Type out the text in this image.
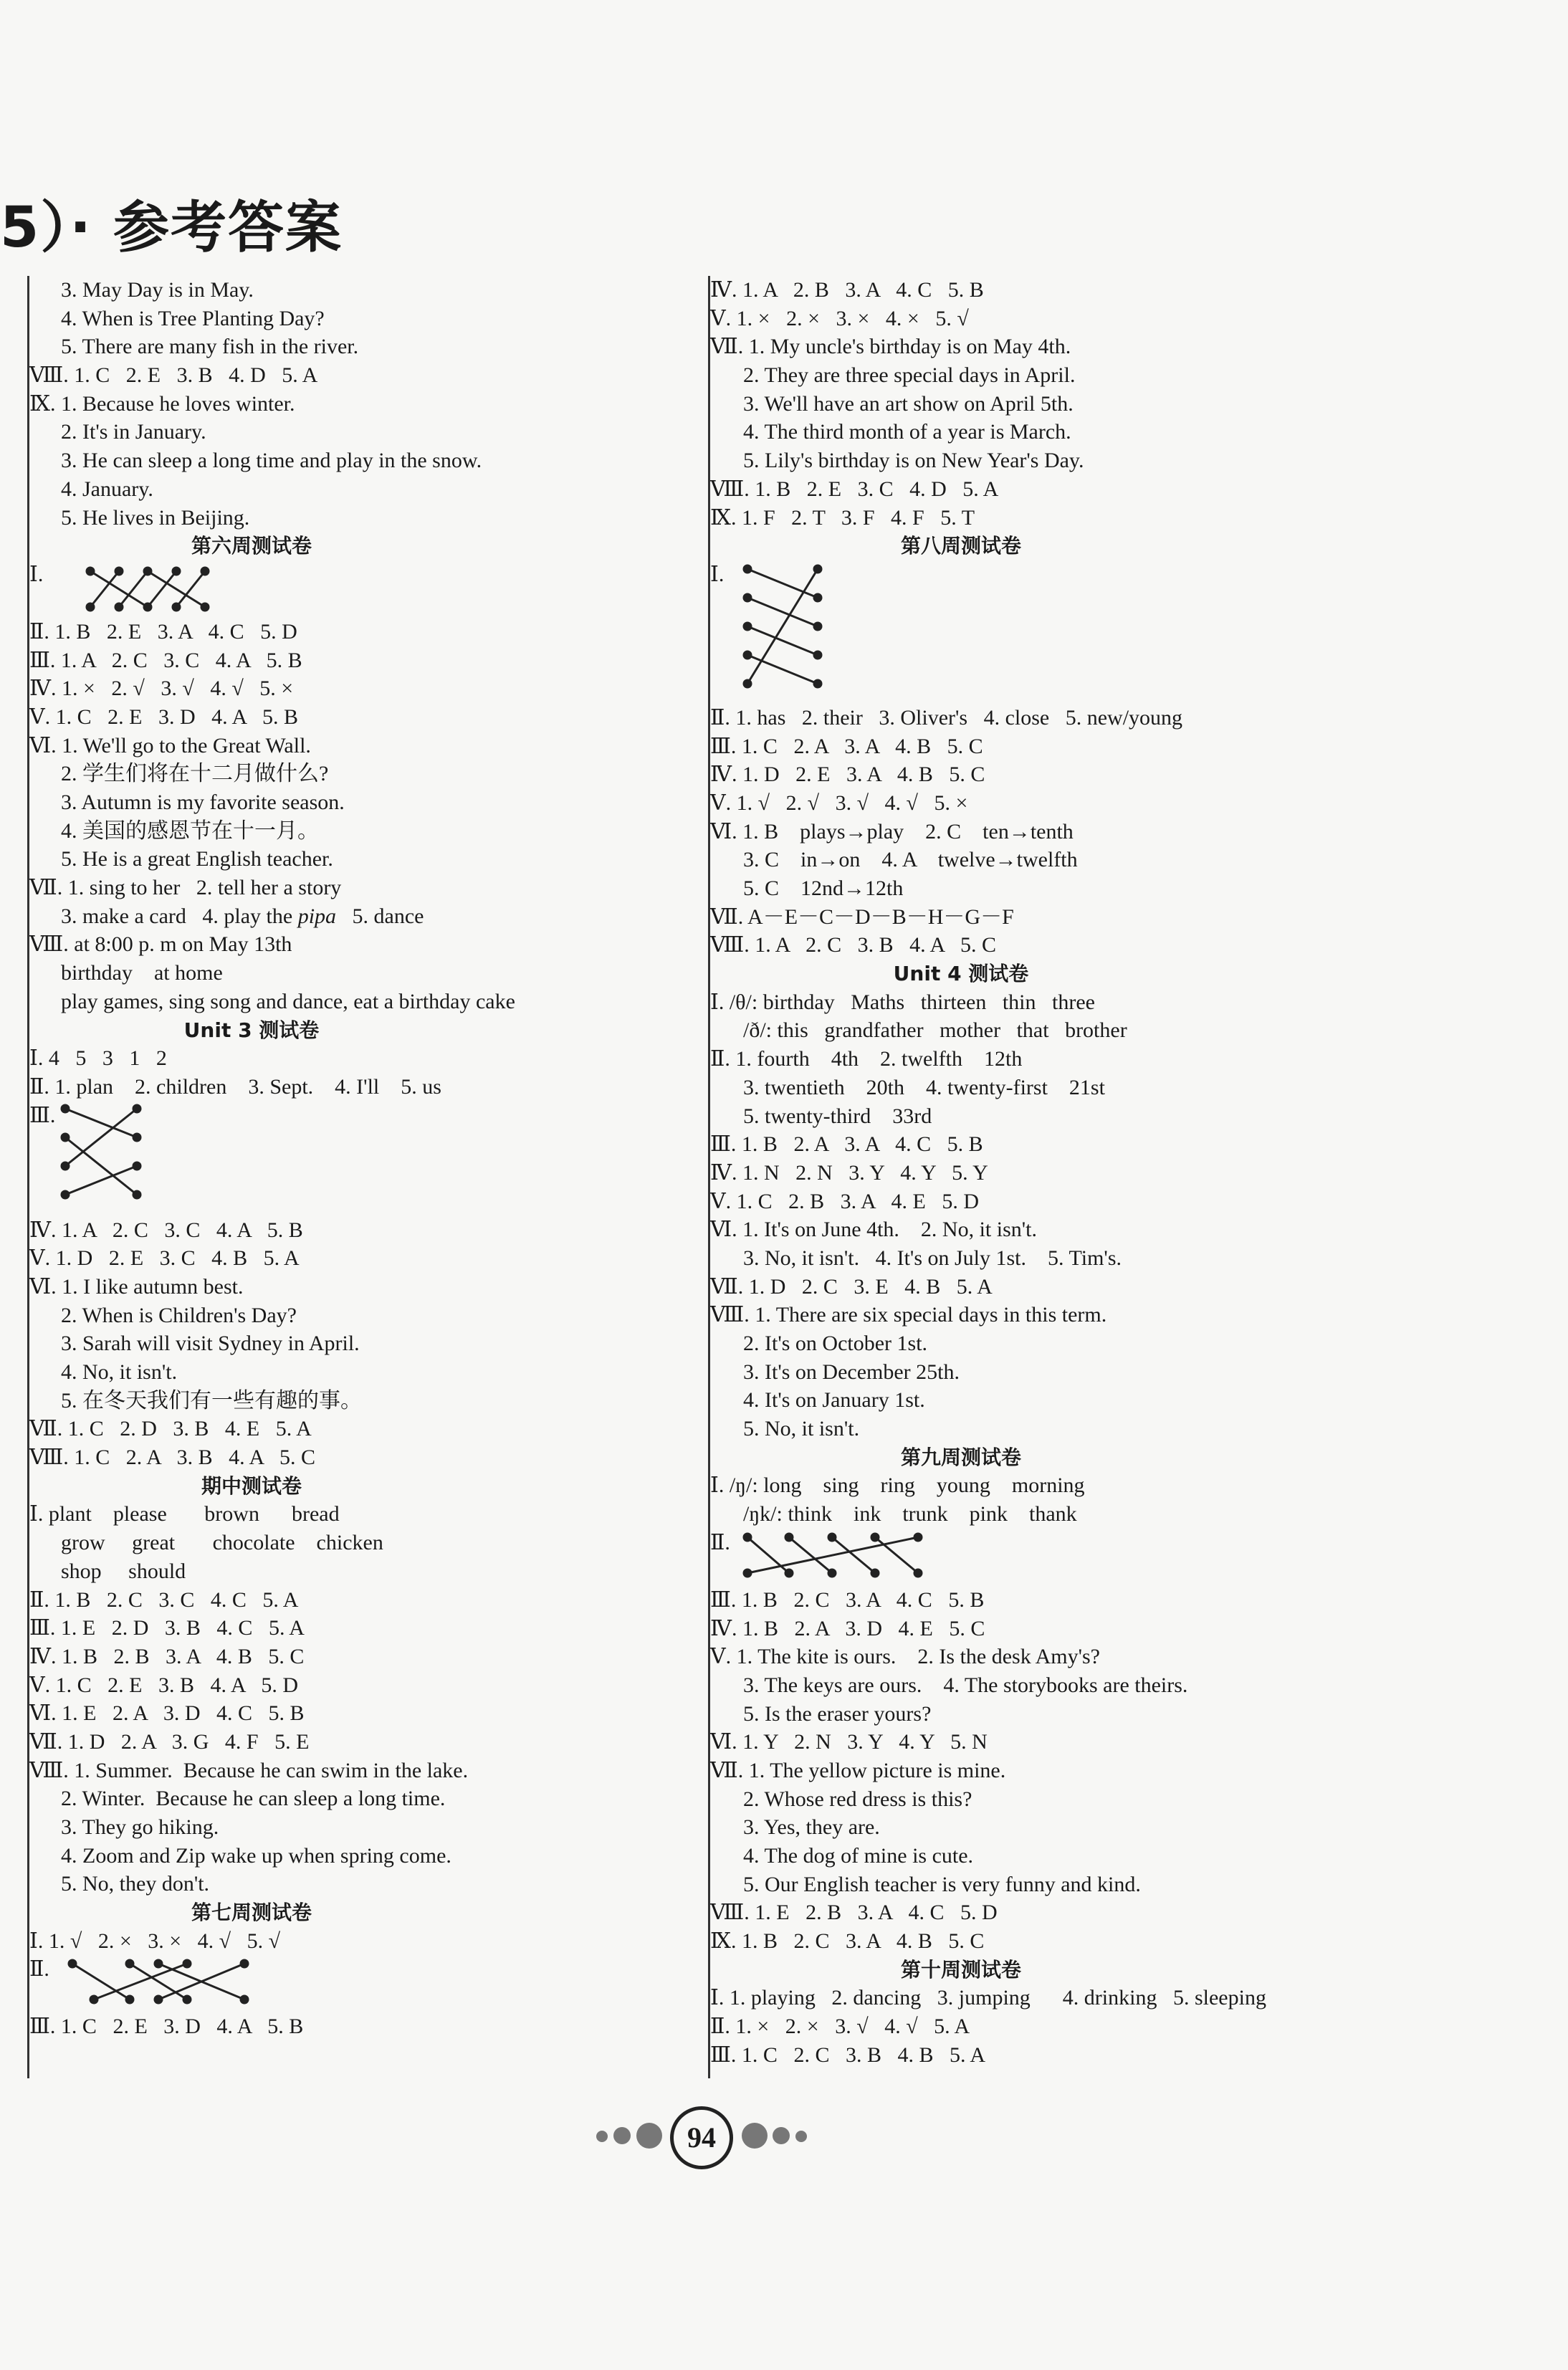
5）· 参考答案
3. May Day is in May.
4. When is Tree Planting Day?
5. There are many fish in the river.
Ⅷ. 1. C   2. E   3. B   4. D   5. A
Ⅸ. 1. Because he loves winter.
2. It's in January.
3. He can sleep a long time and play in the snow.
4. January.
5. He lives in Beijing.
第六周测试卷
Ⅰ.
Ⅱ. 1. B   2. E   3. A   4. C   5. D
Ⅲ. 1. A   2. C   3. C   4. A   5. B
Ⅳ. 1. ×   2. √   3. √   4. √   5. ×
Ⅴ. 1. C   2. E   3. D   4. A   5. B
Ⅵ. 1. We'll go to the Great Wall.
2. 学生们将在十二月做什么?
3. Autumn is my favorite season.
4. 美国的感恩节在十一月。
5. He is a great English teacher.
Ⅶ. 1. sing to her   2. tell her a story
3. make a card   4. play the pipa   5. dance
Ⅷ. at 8:00 p. m on May 13th
birthday    at home
play games, sing song and dance, eat a birthday cake
Unit 3 测试卷
Ⅰ. 4   5   3   1   2
Ⅱ. 1. plan    2. children    3. Sept.    4. I'll    5. us
Ⅲ.
Ⅳ. 1. A   2. C   3. C   4. A   5. B
Ⅴ. 1. D   2. E   3. C   4. B   5. A
Ⅵ. 1. I like autumn best.
2. When is Children's Day?
3. Sarah will visit Sydney in April.
4. No, it isn't.
5. 在冬天我们有一些有趣的事。
Ⅶ. 1. C   2. D   3. B   4. E   5. A
Ⅷ. 1. C   2. A   3. B   4. A   5. C
期中测试卷
Ⅰ. plant    please       brown      bread
grow     great       chocolate    chicken
shop     should
Ⅱ. 1. B   2. C   3. C   4. C   5. A
Ⅲ. 1. E   2. D   3. B   4. C   5. A
Ⅳ. 1. B   2. B   3. A   4. B   5. C
Ⅴ. 1. C   2. E   3. B   4. A   5. D
Ⅵ. 1. E   2. A   3. D   4. C   5. B
Ⅶ. 1. D   2. A   3. G   4. F   5. E
Ⅷ. 1. Summer.  Because he can swim in the lake.
2. Winter.  Because he can sleep a long time.
3. They go hiking.
4. Zoom and Zip wake up when spring come.
5. No, they don't.
第七周测试卷
Ⅰ. 1. √   2. ×   3. ×   4. √   5. √
Ⅱ.
Ⅲ. 1. C   2. E   3. D   4. A   5. B
Ⅳ. 1. A   2. B   3. A   4. C   5. B
Ⅴ. 1. ×   2. ×   3. ×   4. ×   5. √
Ⅶ. 1. My uncle's birthday is on May 4th.
2. They are three special days in April.
3. We'll have an art show on April 5th.
4. The third month of a year is March.
5. Lily's birthday is on New Year's Day.
Ⅷ. 1. B   2. E   3. C   4. D   5. A
Ⅸ. 1. F   2. T   3. F   4. F   5. T
第八周测试卷
Ⅰ.
Ⅱ. 1. has   2. their   3. Oliver's   4. close   5. new/young
Ⅲ. 1. C   2. A   3. A   4. B   5. C
Ⅳ. 1. D   2. E   3. A   4. B   5. C
Ⅴ. 1. √   2. √   3. √   4. √   5. ×
Ⅵ. 1. B    plays→play    2. C    ten→tenth
3. C    in→on    4. A    twelve→twelfth
5. C    12nd→12th
Ⅶ. A－E－C－D－B－H－G－F
Ⅷ. 1. A   2. C   3. B   4. A   5. C
Unit 4 测试卷
Ⅰ. /θ/: birthday   Maths   thirteen   thin   three
/ð/: this   grandfather   mother   that   brother
Ⅱ. 1. fourth    4th    2. twelfth    12th
3. twentieth    20th    4. twenty-first    21st
5. twenty-third    33rd
Ⅲ. 1. B   2. A   3. A   4. C   5. B
Ⅳ. 1. N   2. N   3. Y   4. Y   5. Y
Ⅴ. 1. C   2. B   3. A   4. E   5. D
Ⅵ. 1. It's on June 4th.    2. No, it isn't.
3. No, it isn't.   4. It's on July 1st.    5. Tim's.
Ⅶ. 1. D   2. C   3. E   4. B   5. A
Ⅷ. 1. There are six special days in this term.
2. It's on October 1st.
3. It's on December 25th.
4. It's on January 1st.
5. No, it isn't.
第九周测试卷
Ⅰ. /ŋ/: long    sing    ring    young    morning
/ŋk/: think    ink    trunk    pink    thank
Ⅱ.
Ⅲ. 1. B   2. C   3. A   4. C   5. B
Ⅳ. 1. B   2. A   3. D   4. E   5. C
Ⅴ. 1. The kite is ours.    2. Is the desk Amy's?
3. The keys are ours.    4. The storybooks are theirs.
5. Is the eraser yours?
Ⅵ. 1. Y   2. N   3. Y   4. Y   5. N
Ⅶ. 1. The yellow picture is mine.
2. Whose red dress is this?
3. Yes, they are.
4. The dog of mine is cute.
5. Our English teacher is very funny and kind.
Ⅷ. 1. E   2. B   3. A   4. C   5. D
Ⅸ. 1. B   2. C   3. A   4. B   5. C
第十周测试卷
Ⅰ. 1. playing   2. dancing   3. jumping      4. drinking   5. sleeping
Ⅱ. 1. ×   2. ×   3. √   4. √   5. A
Ⅲ. 1. C   2. C   3. B   4. B   5. A
94
